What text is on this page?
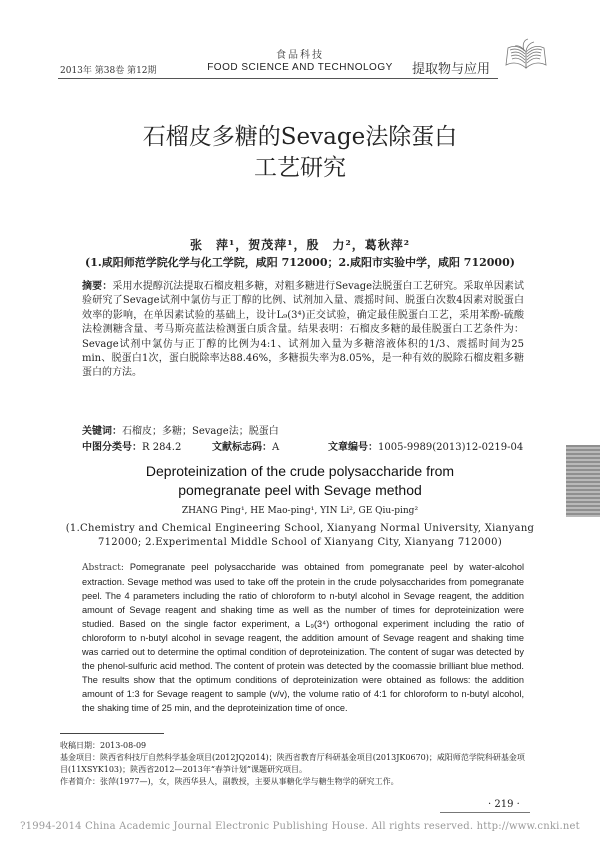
食品科技
2013年 第38卷 第12期	FOOD SCIENCE AND TECHNOLOGY	提取物与应用
石榴皮多糖的Sevage法除蛋白
工艺研究
张　萍¹，贺茂萍¹，殷　力²，葛秋萍²
(1.咸阳师范学院化学与化工学院，咸阳 712000；2.咸阳市实验中学，咸阳 712000)
摘要：采用水提醇沉法提取石榴皮粗多糖，对粗多糖进行Sevage法脱蛋白工艺研究。采取单因素试验研究了Sevage试剂中氯仿与正丁醇的比例、试剂加入量、震摇时间、脱蛋白次数4因素对脱蛋白效率的影响，在单因素试验的基础上，设计L₉(3⁴)正交试验，确定最佳脱蛋白工艺，采用苯酚-硫酸法检测糖含量、考马斯亮蓝法检测蛋白质含量。结果表明：石榴皮多糖的最佳脱蛋白工艺条件为：Sevage试剂中氯仿与正丁醇的比例为4:1、试剂加入量为多糖溶液体积的1/3、震摇时间为25 min、脱蛋白1次，蛋白脱除率达88.46%，多糖损失率为8.05%，是一种有效的脱除石榴皮粗多糖蛋白的方法。
关键词：石榴皮；多糖；Sevage法；脱蛋白
中图分类号：R 284.2	文献标志码：A	文章编号：1005-9989(2013)12-0219-04
Deproteinization of the crude polysaccharide from
pomegranate peel with Sevage method
ZHANG Ping¹, HE Mao-ping¹, YIN Li², GE Qiu-ping²
(1.Chemistry and Chemical Engineering School, Xianyang Normal University, Xianyang
712000; 2.Experimental Middle School of Xianyang City, Xianyang 712000)
Abstract: Pomegranate peel polysaccharide was obtained from pomegranate peel by water-alcohol extraction. Sevage method was used to take off the protein in the crude polysaccharides from pomegranate peel. The 4 parameters including the ratio of chloroform to n-butyl alcohol in Sevage reagent, the addition amount of Sevage reagent and shaking time as well as the number of times for deproteinization were studied. Based on the single factor experiment, a L₉(3⁴) orthogonal experiment including the ratio of chloroform to n-butyl alcohol in sevage reagent, the addition amount of Sevage reagent and shaking time was carried out to determine the optimal condition of deproteinization. The content of sugar was detected by the phenol-sulfuric acid method. The content of protein was detected by the coomassie brilliant blue method. The results show that the optimum conditions of deproteinization were obtained as follows: the addition amount of 1:3 for Sevage reagent to sample (v/v), the volume ratio of 4:1 for chloroform to n-butyl alcohol, the shaking time of 25 min, and the deproteinization time of once.

收稿日期：2013-08-09

基金项目：陕西省科技厅自然科学基金项目(2012JQ2014)；陕西省教育厅科研基金项目(2013JK0670)；咸阳师范学院科研基金项目(11XSYK103)；陕西省2012—2013年“春笋计划”课题研究项目。

作者简介：张萍(1977—)，女，陕西华县人，副教授，主要从事糖化学与糖生物学的研究工作。

· 219 ·
?1994-2014 China Academic Journal Electronic Publishing House. All rights reserved. http://www.cnki.net
